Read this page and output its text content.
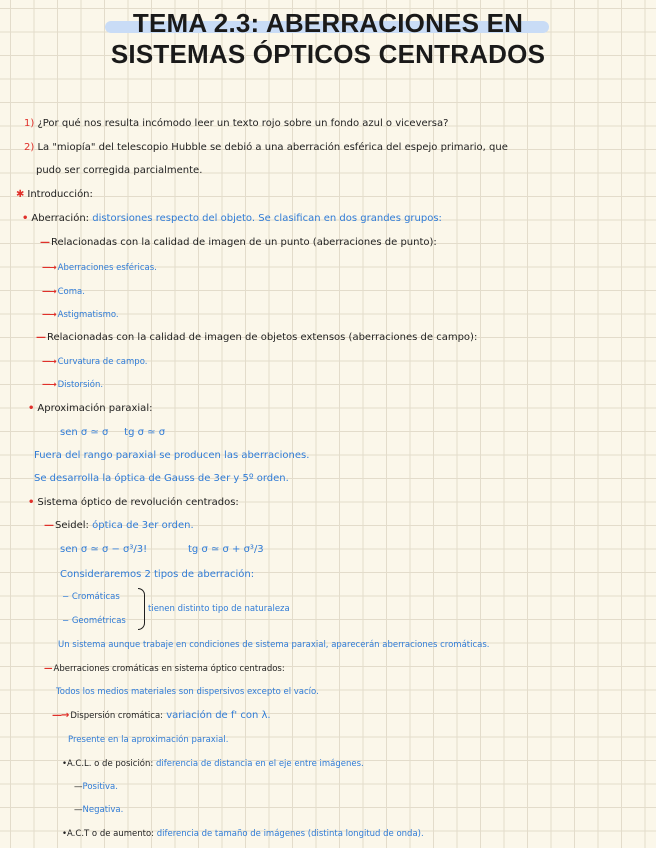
TEMA 2.3: ABERRACIONES EN
SISTEMAS ÓPTICOS CENTRADOS
1) ¿Por qué nos resulta incómodo leer un texto rojo sobre un fondo azul o viceversa?
2) La "miopía" del telescopio Hubble se debió a una aberración esférica del espejo primario, que
pudo ser corregida parcialmente.
✱ Introducción:
• Aberración: distorsiones respecto del objeto. Se clasifican en dos grandes grupos:
— Relacionadas con la calidad de imagen de un punto (aberraciones de punto):
—→ Aberraciones esféricas.
—→ Coma.
—→ Astigmatismo.
— Relacionadas con la calidad de imagen de objetos extensos (aberraciones de campo):
—→ Curvatura de campo.
—→ Distorsión.
• Aproximación paraxial:
sen σ ≃ σ     tg σ ≃ σ
Fuera del rango paraxial se producen las aberraciones.
Se desarrolla la óptica de Gauss de 3er y 5º orden.
• Sistema óptico de revolución centrados:
— Seidel: óptica de 3er orden.
sen σ ≃ σ − σ³/3!	tg σ ≃ σ + σ³/3
Consideraremos 2 tipos de aberración:
− Cromáticas
− Geométricas
tienen distinto tipo de naturaleza
Un sistema aunque trabaje en condiciones de sistema paraxial, aparecerán aberraciones cromáticas.
— Aberraciones cromáticas en sistema óptico centrados:
Todos los medios materiales son dispersivos excepto el vacío.
—→ Dispersión cromática: variación de f' con λ.
Presente en la aproximación paraxial.
•A.C.L. o de posición: diferencia de distancia en el eje entre imágenes.
—Positiva.
—Negativa.
•A.C.T o de aumento: diferencia de tamaño de imágenes (distinta longitud de onda).
